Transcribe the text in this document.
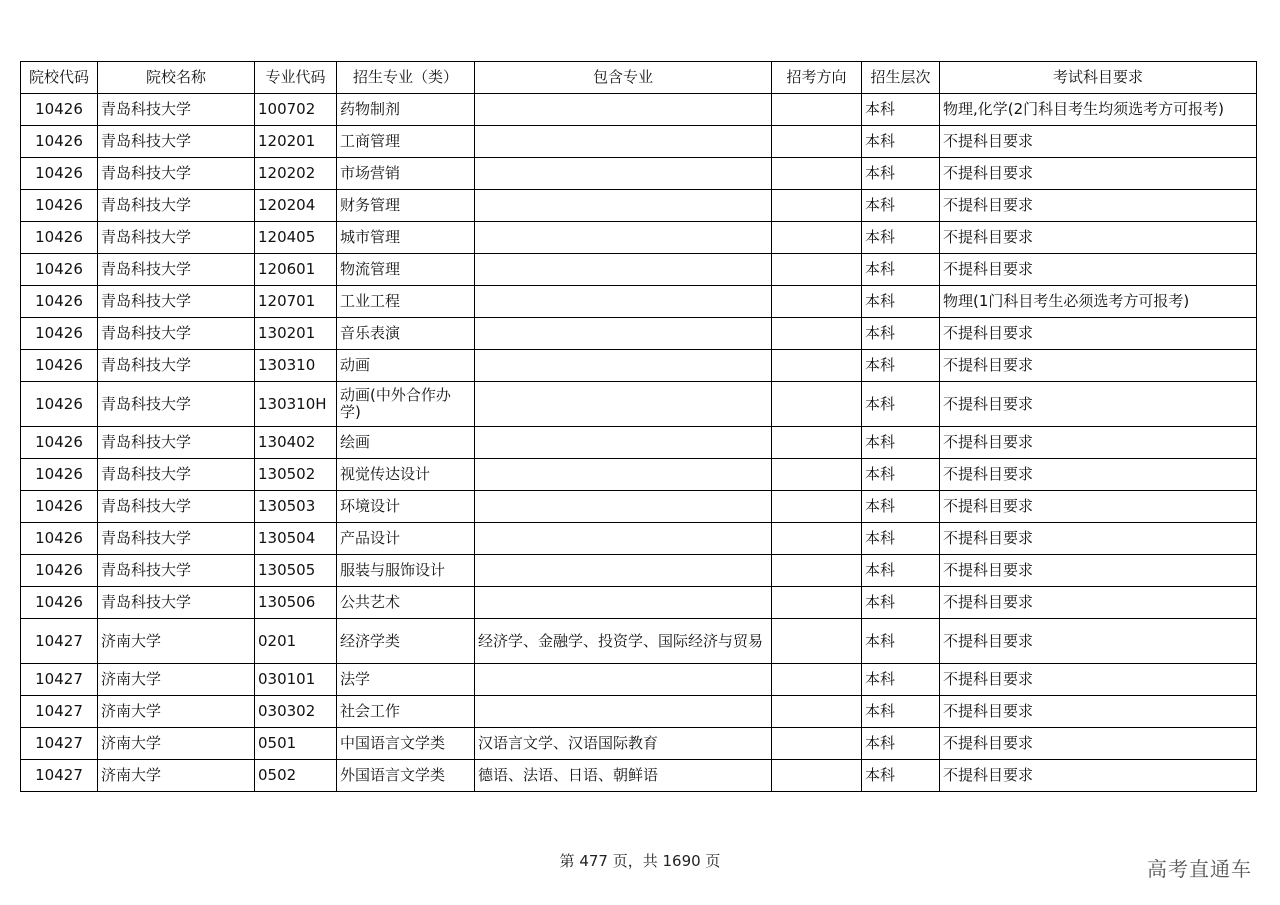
院校代码	院校名称	专业代码	招生专业（类）	包含专业	招考方向	招生层次	考试科目要求
10426	青岛科技大学	100702	药物制剂			本科	物理,化学(2门科目考生均须选考方可报考)
10426	青岛科技大学	120201	工商管理			本科	不提科目要求
10426	青岛科技大学	120202	市场营销			本科	不提科目要求
10426	青岛科技大学	120204	财务管理			本科	不提科目要求
10426	青岛科技大学	120405	城市管理			本科	不提科目要求
10426	青岛科技大学	120601	物流管理			本科	不提科目要求
10426	青岛科技大学	120701	工业工程			本科	物理(1门科目考生必须选考方可报考)
10426	青岛科技大学	130201	音乐表演			本科	不提科目要求
10426	青岛科技大学	130310	动画			本科	不提科目要求
10426	青岛科技大学	130310H	动画(中外合作办学)			本科	不提科目要求
10426	青岛科技大学	130402	绘画			本科	不提科目要求
10426	青岛科技大学	130502	视觉传达设计			本科	不提科目要求
10426	青岛科技大学	130503	环境设计			本科	不提科目要求
10426	青岛科技大学	130504	产品设计			本科	不提科目要求
10426	青岛科技大学	130505	服装与服饰设计			本科	不提科目要求
10426	青岛科技大学	130506	公共艺术			本科	不提科目要求
10427	济南大学	0201	经济学类	经济学、金融学、投资学、国际经济与贸易		本科	不提科目要求
10427	济南大学	030101	法学			本科	不提科目要求
10427	济南大学	030302	社会工作			本科	不提科目要求
10427	济南大学	0501	中国语言文学类	汉语言文学、汉语国际教育		本科	不提科目要求
10427	济南大学	0502	外国语言文学类	德语、法语、日语、朝鲜语		本科	不提科目要求
第 477 页，共 1690 页	高考直通车
